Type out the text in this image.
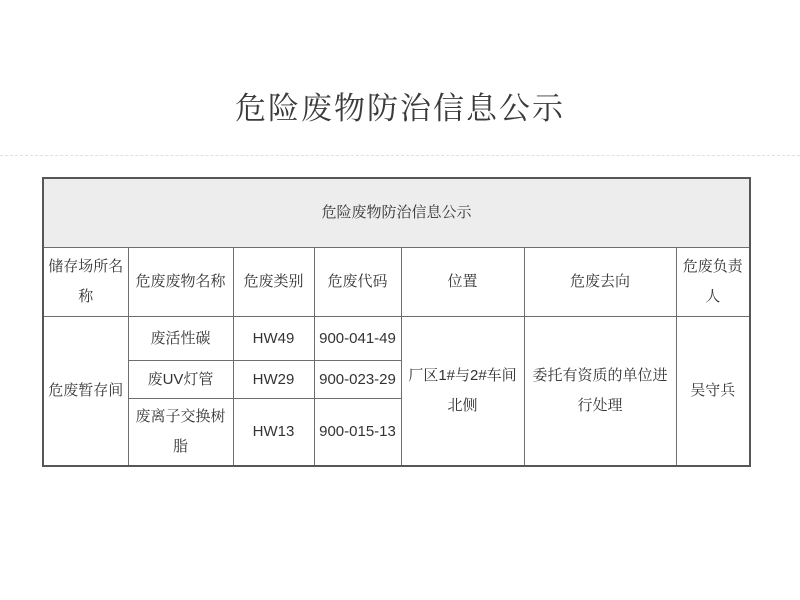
危险废物防治信息公示
危险废物防治信息公示						
储存场所名称	危废废物名称	危废类别	危废代码	位置	危废去向	危废负责人
危废暂存间	废活性碳	HW49	900-041-49	厂区1#与2#车间北侧	委托有资质的单位进行处理	吴守兵
	废UV灯管	HW29	900-023-29			
	废离子交换树脂	HW13	900-015-13			
